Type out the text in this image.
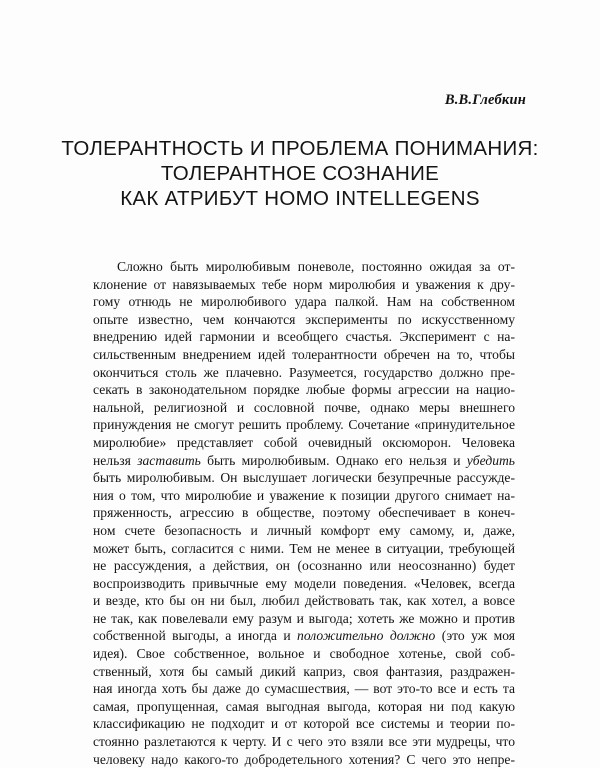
В.В.Глебкин
ТОЛЕРАНТНОСТЬ И ПРОБЛЕМА ПОНИМАНИЯ:
ТОЛЕРАНТНОЕ СОЗНАНИЕ
КАК АТРИБУТ HOMO INTELLEGENS
Сложно быть миролюбивым поневоле, постоянно ожидая за от-
клонение от навязываемых тебе норм миролюбия и уважения к дру-
гому отнюдь не миролюбивого удара палкой. Нам на собственном
опыте известно, чем кончаются эксперименты по искусственному
внедрению идей гармонии и всеобщего счастья. Эксперимент с на-
сильственным внедрением идей толерантности обречен на то, чтобы
окончиться столь же плачевно. Разумеется, государство должно пре-
секать в законодательном порядке любые формы агрессии на нацио-
нальной, религиозной и сословной почве, однако меры внешнего
принуждения не смогут решить проблему. Сочетание «принудительное
миролюбие» представляет собой очевидный оксюморон. Человека
нельзя заставить быть миролюбивым. Однако его нельзя и убедить
быть миролюбивым. Он выслушает логически безупречные рассужде-
ния о том, что миролюбие и уважение к позиции другого снимает на-
пряженность, агрессию в обществе, поэтому обеспечивает в конеч-
ном счете безопасность и личный комфорт ему самому, и, даже,
может быть, согласится с ними. Тем не менее в ситуации, требующей
не рассуждения, а действия, он (осознанно или неосознанно) будет
воспроизводить привычные ему модели поведения. «Человек, всегда
и везде, кто бы он ни был, любил действовать так, как хотел, а вовсе
не так, как повелевали ему разум и выгода; хотеть же можно и против
собственной выгоды, а иногда и положительно должно (это уж моя
идея). Свое собственное, вольное и свободное хотенье, свой соб-
ственный, хотя бы самый дикий каприз, своя фантазия, раздражен-
ная иногда хоть бы даже до сумасшествия, — вот это-то все и есть та
самая, пропущенная, самая выгодная выгода, которая ни под какую
классификацию не подходит и от которой все системы и теории по-
стоянно разлетаются к черту. И с чего это взяли все эти мудрецы, что
человеку надо какого-то добродетельного хотения? С чего это непре-
